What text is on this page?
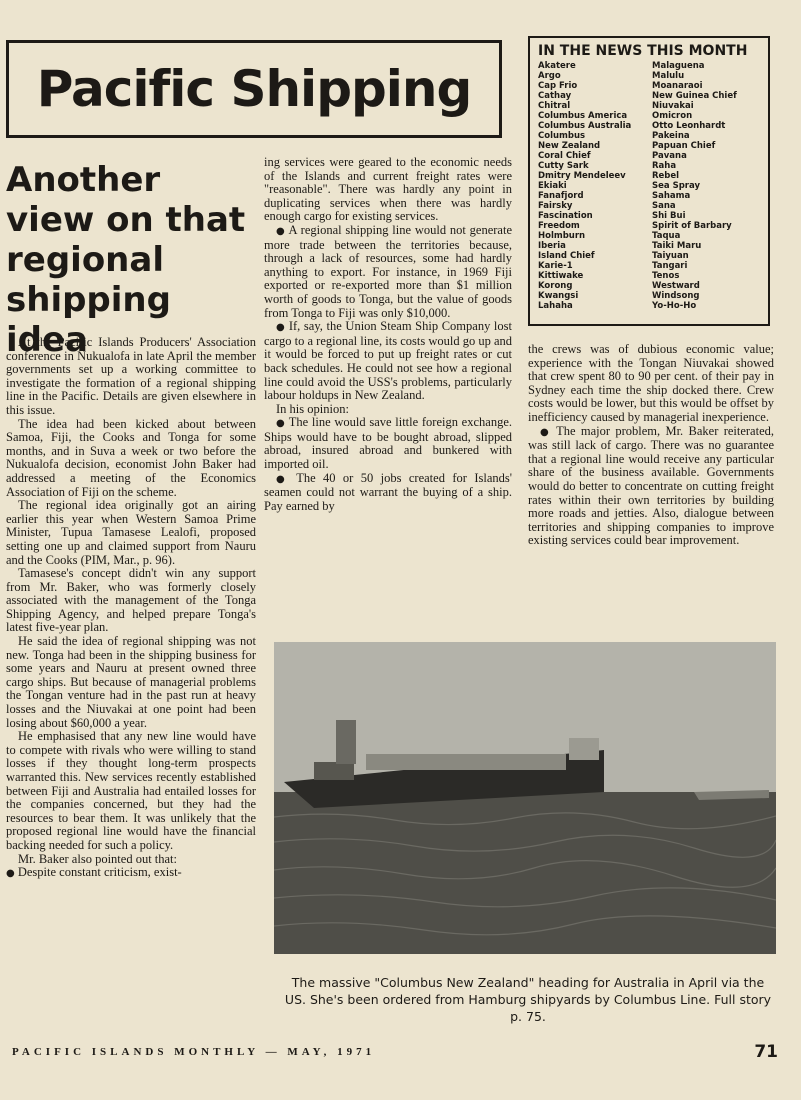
Pacific Shipping
IN THE NEWS THIS MONTH
Akatere
Argo
Cap Frio
Cathay
Chitral
Columbus America
Columbus Australia
Columbus
New Zealand
Coral Chief
Cutty Sark
Dmitry Mendeleev
Ekiaki
Fanafjord
Fairsky
Fascination
Freedom
Holmburn
Iberia
Island Chief
Karie-1
Kittiwake
Korong
Kwangsi
Lahaha
Malaguena
Malulu
Moanaraoi
New Guinea Chief
Niuvakai
Omicron
Otto Leonhardt
Pakeina
Papuan Chief
Pavana
Raha
Rebel
Sea Spray
Sahama
Sana
Shi Bui
Spirit of Barbary
Taqua
Taiki Maru
Taiyuan
Tangari
Tenos
Westward
Windsong
Yo-Ho-Ho
Another view on that regional shipping idea

At the Pacific Islands Producers' Association conference in Nukualofa in late April the member governments set up a working committee to investigate the formation of a regional shipping line in the Pacific. Details are given elsewhere in this issue.

The idea had been kicked about between Samoa, Fiji, the Cooks and Tonga for some months, and in Suva a week or two before the Nukualofa decision, economist John Baker had addressed a meeting of the Economics Association of Fiji on the scheme.

The regional idea originally got an airing earlier this year when Western Samoa Prime Minister, Tupua Tamasese Lealofi, proposed setting one up and claimed support from Nauru and the Cooks (PIM, Mar., p. 96).

Tamasese's concept didn't win any support from Mr. Baker, who was formerly closely associated with the management of the Tonga Shipping Agency, and helped prepare Tonga's latest five-year plan.

He said the idea of regional shipping was not new. Tonga had been in the shipping business for some years and Nauru at present owned three cargo ships. But because of managerial problems the Tongan venture had in the past run at heavy losses and the Niuvakai at one point had been losing about $60,000 a year.

He emphasised that any new line would have to compete with rivals who were willing to stand losses if they thought long-term prospects warranted this. New services recently established between Fiji and Australia had entailed losses for the companies concerned, but they had the resources to bear them. It was unlikely that the proposed regional line would have the financial backing needed for such a policy.

Mr. Baker also pointed out that:

● Despite constant criticism, exist-

ing services were geared to the economic needs of the Islands and current freight rates were "reasonable". There was hardly any point in duplicating services when there was hardly enough cargo for existing services.

● A regional shipping line would not generate more trade between the territories because, through a lack of resources, some had hardly anything to export. For instance, in 1969 Fiji exported or re-exported more than $1 million worth of goods to Tonga, but the value of goods from Tonga to Fiji was only $10,000.

● If, say, the Union Steam Ship Company lost cargo to a regional line, its costs would go up and it would be forced to put up freight rates or cut back schedules. He could not see how a regional line could avoid the USS's problems, particularly labour holdups in New Zealand.

In his opinion:

● The line would save little foreign exchange. Ships would have to be bought abroad, slipped abroad, insured abroad and bunkered with imported oil.

● The 40 or 50 jobs created for Islands' seamen could not warrant the buying of a ship. Pay earned by

the crews was of dubious economic value; experience with the Tongan Niuvakai showed that crew spent 80 to 90 per cent. of their pay in Sydney each time the ship docked there. Crew costs would be lower, but this would be offset by inefficiency caused by managerial inexperience.

● The major problem, Mr. Baker reiterated, was still lack of cargo. There was no guarantee that a regional line would receive any particular share of the business available. Governments would do better to concentrate on cutting freight rates within their own territories by building more roads and jetties. Also, dialogue between territories and shipping companies to improve existing services could bear improvement.

The massive "Columbus New Zealand" heading for Australia in April via the US. She's been ordered from Hamburg shipyards by Columbus Line. Full story p. 75.

PACIFIC ISLANDS MONTHLY — MAY, 1971	71
